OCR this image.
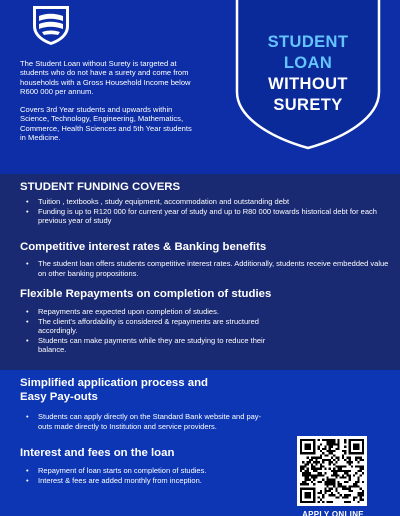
The Student Loan without Surety is targeted at students who do not have a surety and come from households with a Gross Household Income below R600 000 per annum.

Covers 3rd Year students and upwards within Science, Technology, Engineering, Mathematics, Commerce, Health Sciences and 5th Year students in Medicine.

STUDENT
LOAN
WITHOUT
SURETY
STUDENT FUNDING COVERS
• Tuition , textbooks , study equipment, accommodation and outstanding debt
• Funding is up to R120 000 for current year of study and up to R80 000 towards historical debt for each previous year of study
Competitive interest rates & Banking benefits
• The student loan offers students competitive interest rates. Additionally, students receive embedded value on other banking propositions.
Flexible Repayments on completion of studies
• Repayments are expected upon completion of studies.
• The client's affordability is considered & repayments are structured accordingly.
• Students can make payments while they are studying to reduce their balance.
Simplified application process and
Easy Pay-outs
• Students can apply directly on the Standard Bank website and pay-outs made directly to Institution and service providers.
Interest and fees on the loan
• Repayment of loan starts on completion of studies.
• Interest & fees are added monthly from inception.
APPLY ONLINE
